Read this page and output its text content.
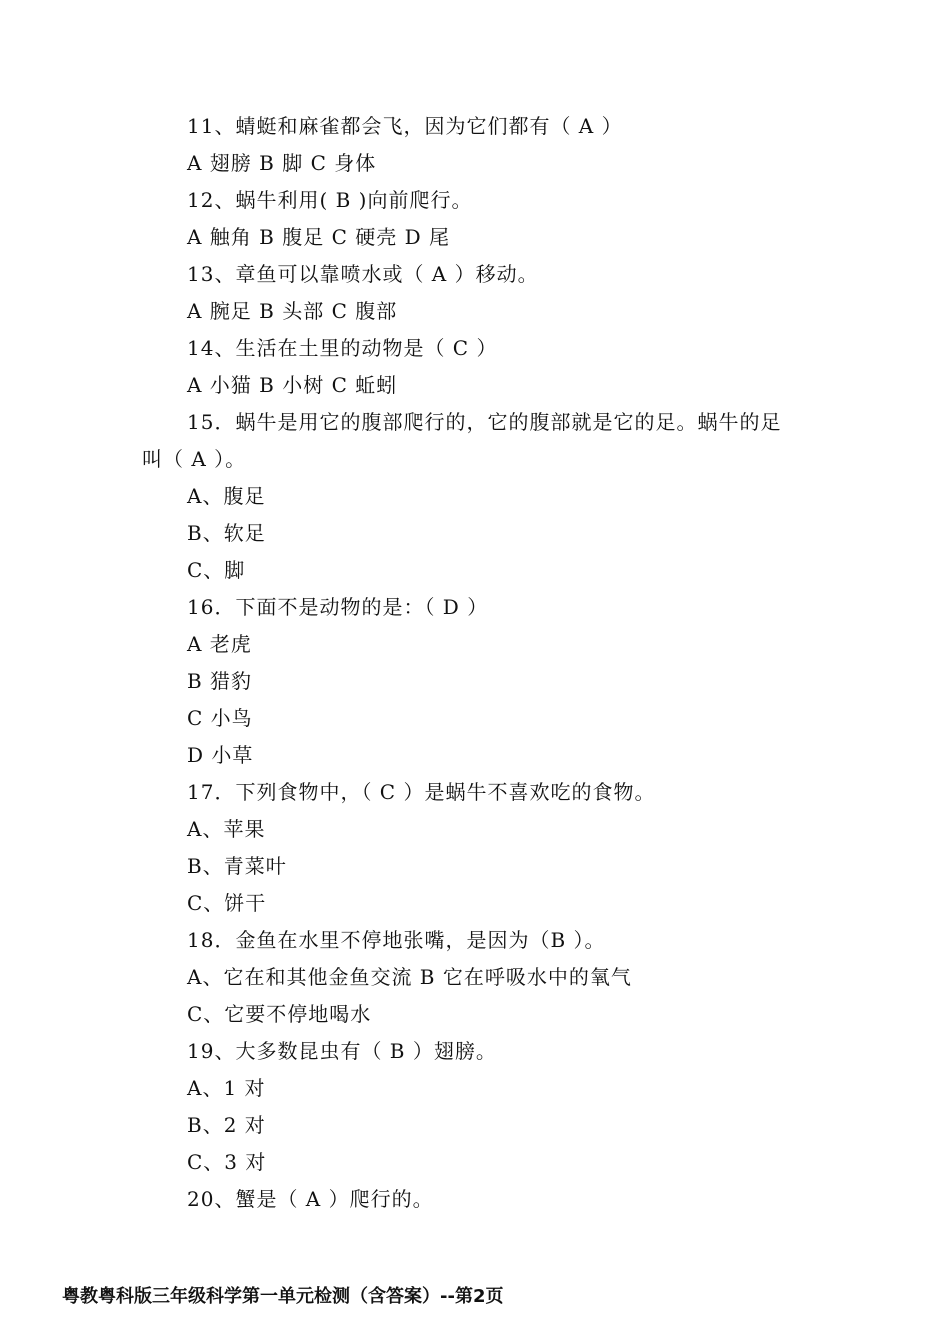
11、蜻蜓和麻雀都会飞，因为它们都有（ A ）
A 翅膀 B 脚 C 身体
12、蜗牛利用( B )向前爬行。
A 触角 B 腹足 C 硬壳 D 尾
13、章鱼可以靠喷水或（ A ）移动。
A 腕足 B 头部 C 腹部
14、生活在土里的动物是（ C ）
A 小猫 B 小树 C 蚯蚓
15．蜗牛是用它的腹部爬行的，它的腹部就是它的足。蜗牛的足
叫（ A ）。
A、腹足
B、软足
C、脚
16．下面不是动物的是：（ D ）
A 老虎
B 猎豹
C 小鸟
D 小草
17．下列食物中，（ C ）是蜗牛不喜欢吃的食物。
A、苹果
B、青菜叶
C、饼干
18．金鱼在水里不停地张嘴，是因为（B ）。
A、它在和其他金鱼交流 B 它在呼吸水中的氧气
C、它要不停地喝水
19、大多数昆虫有（ B ）翅膀。
A、1 对
B、2 对
C、3 对
20、蟹是（ A ）爬行的。
粤教粤科版三年级科学第一单元检测（含答案）--第2页
